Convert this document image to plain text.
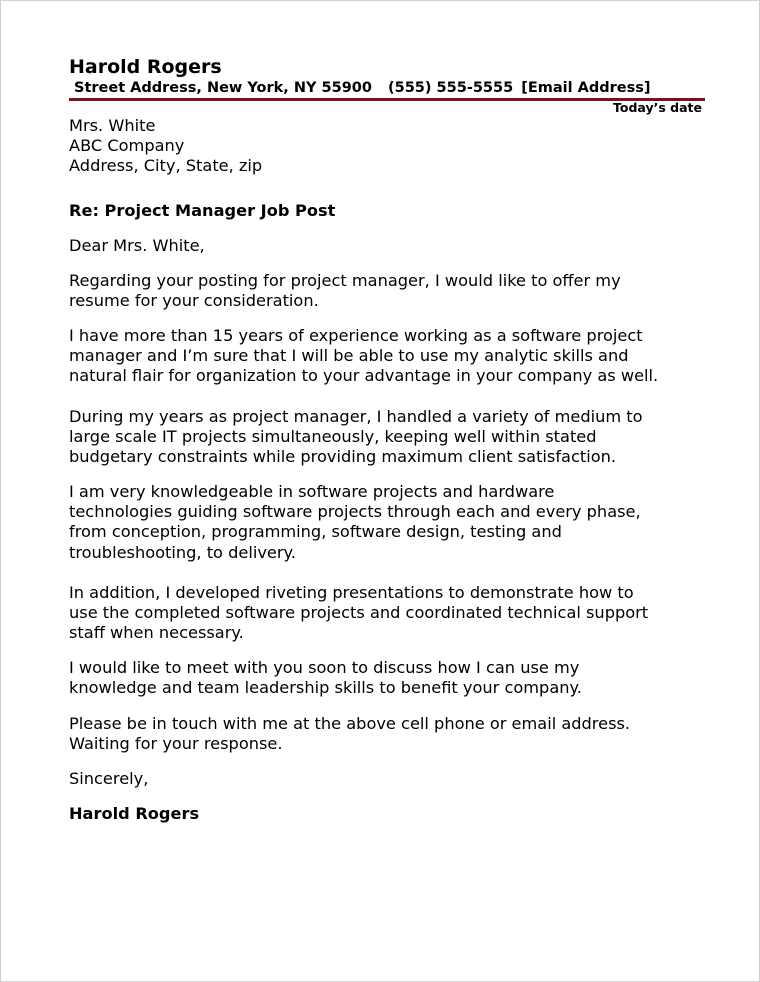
Harold Rogers
Street Address, New York, NY 55900 (555) 555-5555 [Email Address]
Today’s date
Mrs. White
ABC Company
Address, City, State, zip
Re: Project Manager Job Post
Dear Mrs. White,
Regarding your posting for project manager, I would like to offer my
resume for your consideration.
I have more than 15 years of experience working as a software project
manager and I’m sure that I will be able to use my analytic skills and
natural flair for organization to your advantage in your company as well.
During my years as project manager, I handled a variety of medium to
large scale IT projects simultaneously, keeping well within stated
budgetary constraints while providing maximum client satisfaction.
I am very knowledgeable in software projects and hardware
technologies guiding software projects through each and every phase,
from conception, programming, software design, testing and
troubleshooting, to delivery.
In addition, I developed riveting presentations to demonstrate how to
use the completed software projects and coordinated technical support
staff when necessary.
I would like to meet with you soon to discuss how I can use my
knowledge and team leadership skills to benefit your company.
Please be in touch with me at the above cell phone or email address.
Waiting for your response.
Sincerely,
Harold Rogers
